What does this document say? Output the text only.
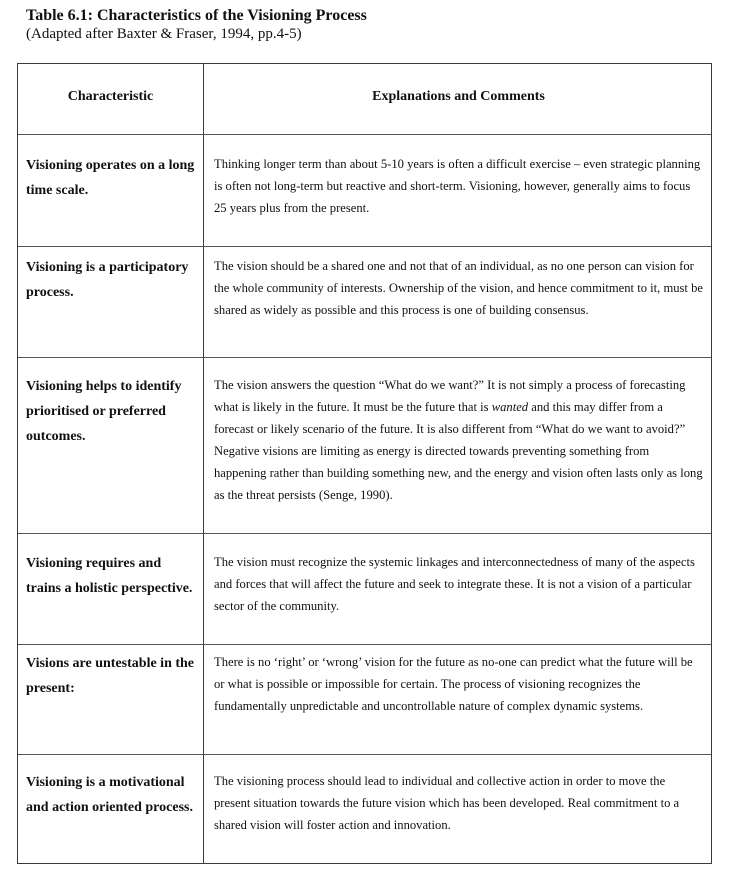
Table 6.1: Characteristics of the Visioning Process
(Adapted after Baxter & Fraser, 1994, pp.4-5)
Characteristic	Explanations and Comments
Visioning operates on a long time scale.
Thinking longer term than about 5-10 years is often a difficult exercise – even strategic planning is often not long-term but reactive and short-term. Visioning, however, generally aims to focus 25 years plus from the present.
Visioning is a participatory process.
The vision should be a shared one and not that of an individual, as no one person can vision for the whole community of interests. Ownership of the vision, and hence commitment to it, must be shared as widely as possible and this process is one of building consensus.
Visioning helps to identify prioritised or preferred outcomes.
The vision answers the question “What do we want?” It is not simply a process of forecasting what is likely in the future. It must be the future that is wanted and this may differ from a forecast or likely scenario of the future. It is also different from “What do we want to avoid?” Negative visions are limiting as energy is directed towards preventing something from happening rather than building something new, and the energy and vision often lasts only as long as the threat persists (Senge, 1990).
Visioning requires and trains a holistic perspective.
The vision must recognize the systemic linkages and interconnectedness of many of the aspects and forces that will affect the future and seek to integrate these. It is not a vision of a particular sector of the community.
Visions are untestable in the present:
There is no ‘right’ or ‘wrong’ vision for the future as no-one can predict what the future will be or what is possible or impossible for certain. The process of visioning recognizes the fundamentally unpredictable and uncontrollable nature of complex dynamic systems.
Visioning is a motivational and action oriented process.
The visioning process should lead to individual and collective action in order to move the present situation towards the future vision which has been developed. Real commitment to a shared vision will foster action and innovation.
